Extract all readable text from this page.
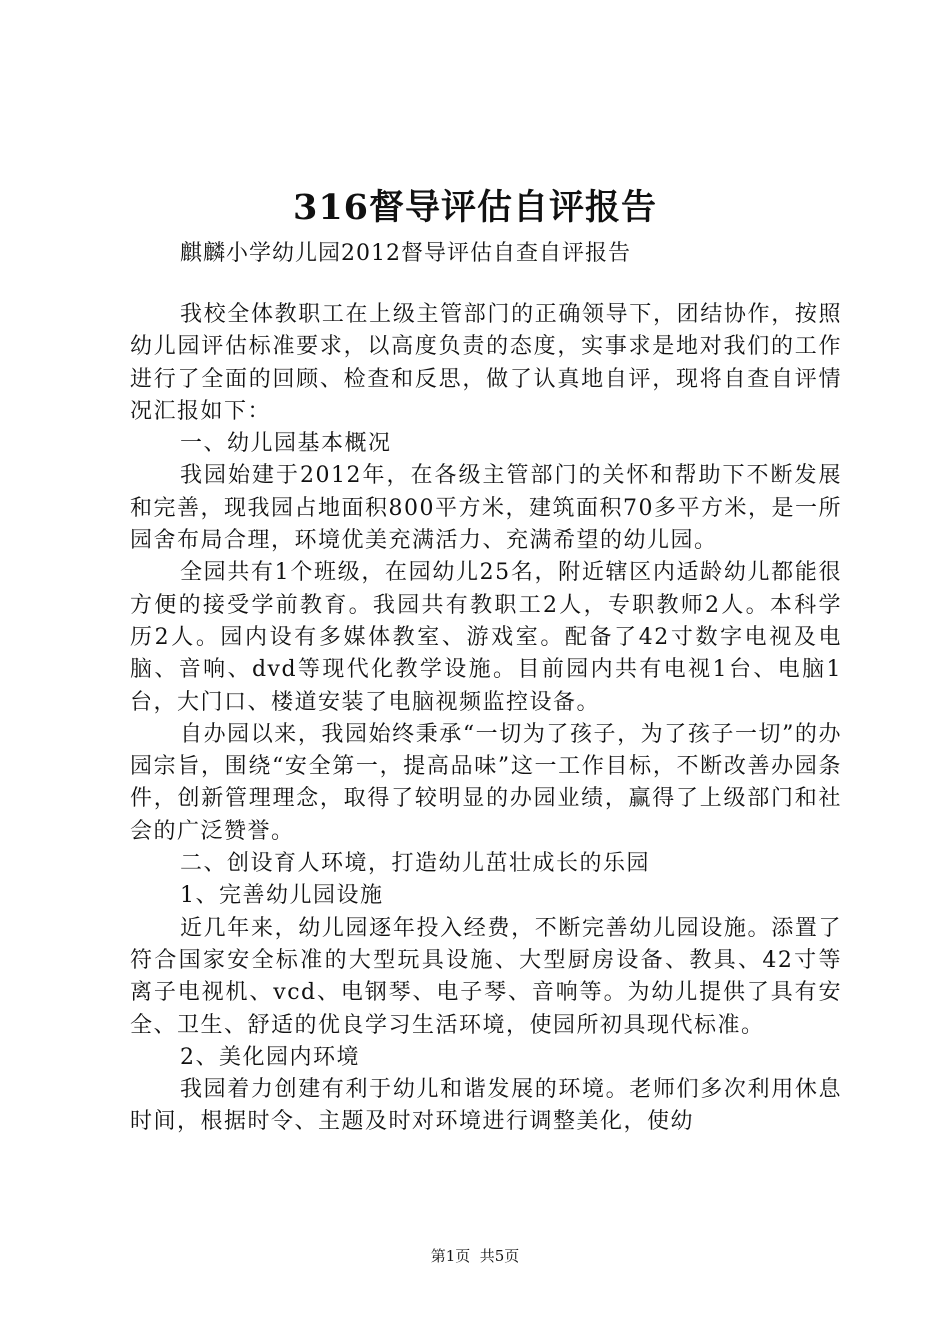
316督导评估自评报告
麒麟小学幼儿园2012督导评估自查自评报告

我校全体教职工在上级主管部门的正确领导下，团结协作，按照幼儿园评估标准要求，以高度负责的态度，实事求是地对我们的工作进行了全面的回顾、检查和反思，做了认真地自评，现将自查自评情况汇报如下：

一、幼儿园基本概况

我园始建于2012年，在各级主管部门的关怀和帮助下不断发展和完善，现我园占地面积800平方米，建筑面积70多平方米，是一所园舍布局合理，环境优美充满活力、充满希望的幼儿园。

全园共有1个班级，在园幼儿25名，附近辖区内适龄幼儿都能很方便的接受学前教育。我园共有教职工2人，专职教师2人。本科学历2人。园内设有多媒体教室、游戏室。配备了42寸数字电视及电脑、音响、dvd等现代化教学设施。目前园内共有电视1台、电脑1台，大门口、楼道安装了电脑视频监控设备。

自办园以来，我园始终秉承“一切为了孩子，为了孩子一切”的办园宗旨，围绕“安全第一，提高品味”这一工作目标，不断改善办园条件，创新管理理念，取得了较明显的办园业绩，赢得了上级部门和社会的广泛赞誉。

二、创设育人环境，打造幼儿茁壮成长的乐园

1、完善幼儿园设施

近几年来，幼儿园逐年投入经费，不断完善幼儿园设施。添置了符合国家安全标准的大型玩具设施、大型厨房设备、教具、42寸等离子电视机、vcd、电钢琴、电子琴、音响等。为幼儿提供了具有安全、卫生、舒适的优良学习生活环境，使园所初具现代标准。

2、美化园内环境

我园着力创建有利于幼儿和谐发展的环境。老师们多次利用休息时间，根据时令、主题及时对环境进行调整美化，使幼

第1页  共5页
